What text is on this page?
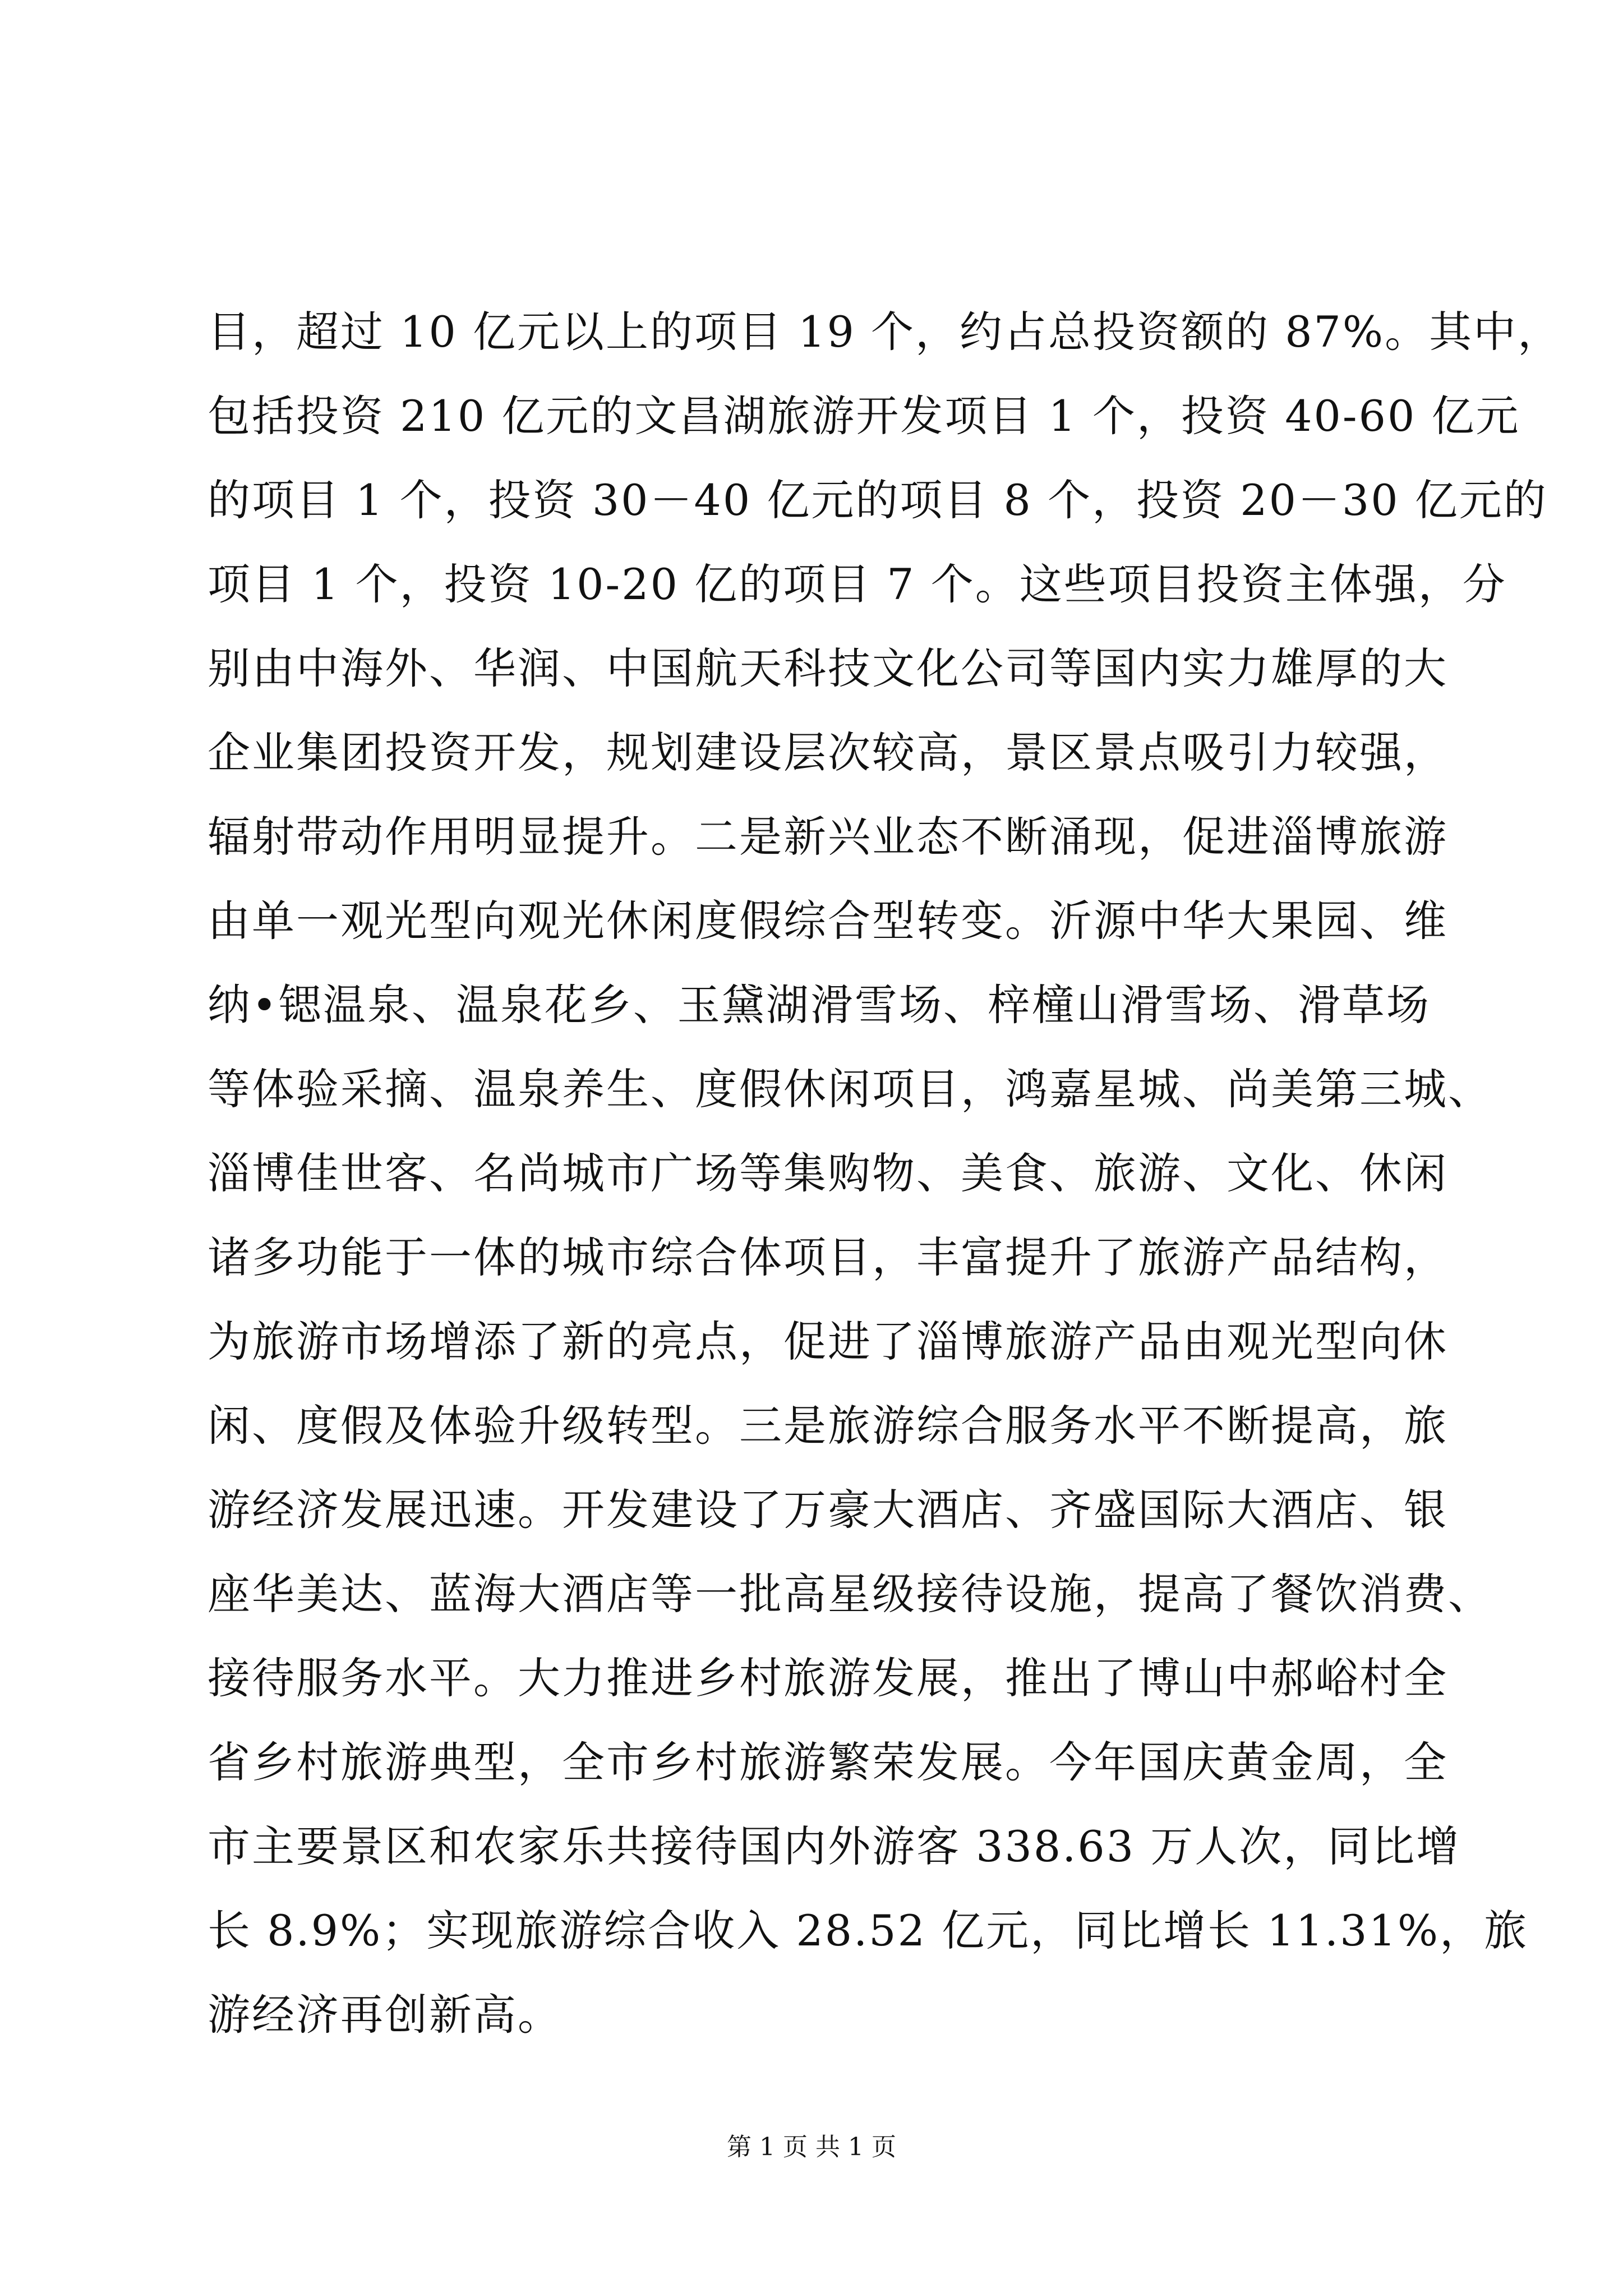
目，超过 10 亿元以上的项目 19 个，约占总投资额的 87%。其中，
包括投资 210 亿元的文昌湖旅游开发项目 1 个，投资 40-60 亿元
的项目 1 个，投资 30－40 亿元的项目 8 个，投资 20－30 亿元的
项目 1 个，投资 10-20 亿的项目 7 个。这些项目投资主体强，分
别由中海外、华润、中国航天科技文化公司等国内实力雄厚的大
企业集团投资开发，规划建设层次较高，景区景点吸引力较强，
辐射带动作用明显提升。二是新兴业态不断涌现，促进淄博旅游
由单一观光型向观光休闲度假综合型转变。沂源中华大果园、维
纳•锶温泉、温泉花乡、玉黛湖滑雪场、梓橦山滑雪场、滑草场
等体验采摘、温泉养生、度假休闲项目，鸿嘉星城、尚美第三城、
淄博佳世客、名尚城市广场等集购物、美食、旅游、文化、休闲
诸多功能于一体的城市综合体项目，丰富提升了旅游产品结构，
为旅游市场增添了新的亮点，促进了淄博旅游产品由观光型向休
闲、度假及体验升级转型。三是旅游综合服务水平不断提高，旅
游经济发展迅速。开发建设了万豪大酒店、齐盛国际大酒店、银
座华美达、蓝海大酒店等一批高星级接待设施，提高了餐饮消费、
接待服务水平。大力推进乡村旅游发展，推出了博山中郝峪村全
省乡村旅游典型，全市乡村旅游繁荣发展。今年国庆黄金周，全
市主要景区和农家乐共接待国内外游客 338.63 万人次，同比增
长 8.9%；实现旅游综合收入 28.52 亿元，同比增长 11.31%，旅
游经济再创新高。
第 1 页 共 1 页
